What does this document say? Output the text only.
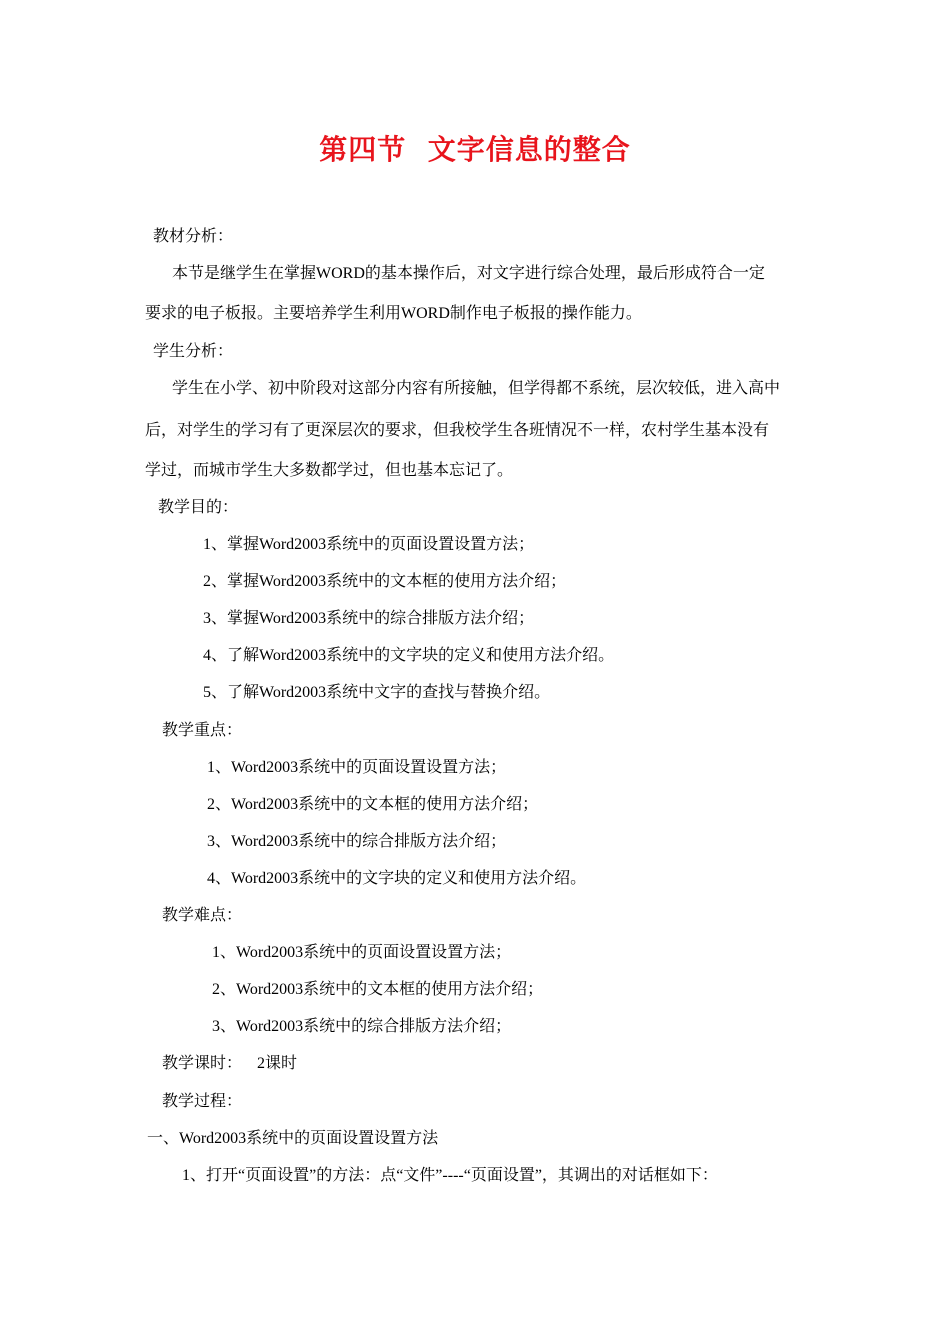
第四节  文字信息的整合
教材分析：
本节是继学生在掌握WORD的基本操作后，对文字进行综合处理，最后形成符合一定
要求的电子板报。主要培养学生利用WORD制作电子板报的操作能力。
学生分析：
学生在小学、初中阶段对这部分内容有所接触，但学得都不系统，层次较低，进入高中
后，对学生的学习有了更深层次的要求，但我校学生各班情况不一样，农村学生基本没有
学过，而城市学生大多数都学过，但也基本忘记了。
教学目的：
1、掌握Word2003系统中的页面设置设置方法；
2、掌握Word2003系统中的文本框的使用方法介绍；
3、掌握Word2003系统中的综合排版方法介绍；
4、了解Word2003系统中的文字块的定义和使用方法介绍。
5、了解Word2003系统中文字的查找与替换介绍。
教学重点：
1、Word2003系统中的页面设置设置方法；
2、Word2003系统中的文本框的使用方法介绍；
3、Word2003系统中的综合排版方法介绍；
4、Word2003系统中的文字块的定义和使用方法介绍。
教学难点：
1、Word2003系统中的页面设置设置方法；
2、Word2003系统中的文本框的使用方法介绍；
3、Word2003系统中的综合排版方法介绍；
教学课时： 2课时
教学过程：
一、Word2003系统中的页面设置设置方法
1、打开“页面设置”的方法：点“文件”----“页面设置”，其调出的对话框如下：
